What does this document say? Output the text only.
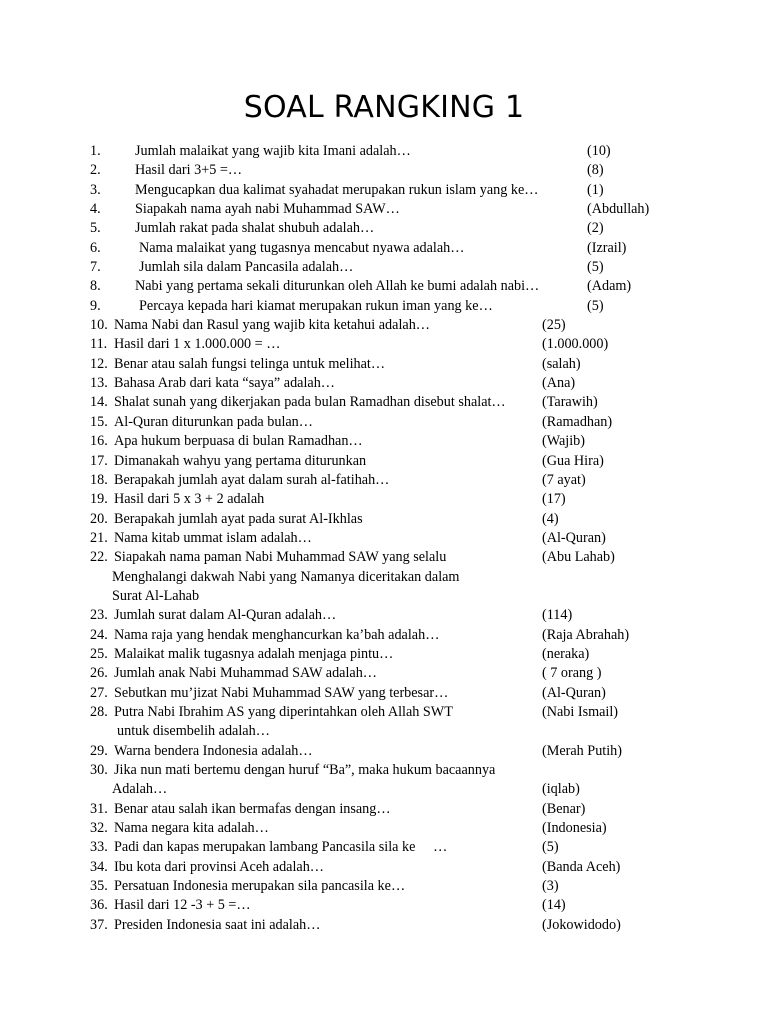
SOAL RANGKING 1
1. Jumlah malaikat yang wajib kita Imani adalah…	(10)
2. Hasil dari 3+5 =…	(8)
3. Mengucapkan dua kalimat syahadat merupakan rukun islam yang ke…	(1)
4. Siapakah nama ayah nabi Muhammad SAW…	(Abdullah)
5. Jumlah rakat pada shalat shubuh adalah…	(2)
6.	Nama malaikat yang tugasnya mencabut nyawa adalah…	(Izrail)
7.	Jumlah sila dalam Pancasila adalah…	(5)
8. Nabi yang pertama sekali diturunkan oleh Allah ke bumi adalah nabi…	(Adam)
9.	Percaya kepada hari kiamat merupakan rukun iman yang ke…	(5)
10. Nama Nabi dan Rasul yang wajib kita ketahui adalah…	(25)
11. Hasil dari 1 x 1.000.000 = …	(1.000.000)
12. Benar atau salah fungsi telinga untuk melihat…	(salah)
13. Bahasa Arab dari kata “saya” adalah…	(Ana)
14. Shalat sunah yang dikerjakan pada bulan Ramadhan disebut shalat…	(Tarawih)
15. Al-Quran diturunkan pada bulan…	(Ramadhan)
16. Apa hukum berpuasa di bulan Ramadhan…	(Wajib)
17. Dimanakah wahyu yang pertama diturunkan	(Gua Hira)
18. Berapakah jumlah ayat dalam surah al-fatihah…	(7 ayat)
19. Hasil dari 5 x 3 + 2 adalah	(17)
20. Berapakah jumlah ayat pada surat Al-Ikhlas	(4)
21. Nama kitab ummat islam adalah…	(Al-Quran)
22. Siapakah nama paman Nabi Muhammad SAW yang selalu	(Abu Lahab)
Menghalangi dakwah Nabi yang Namanya diceritakan dalam
Surat Al-Lahab
23. Jumlah surat dalam Al-Quran adalah…	(114)
24. Nama raja yang hendak menghancurkan ka’bah adalah…	(Raja Abrahah)
25. Malaikat malik tugasnya adalah menjaga pintu…	(neraka)
26. Jumlah anak Nabi Muhammad SAW adalah…	( 7 orang )
27. Sebutkan mu’jizat Nabi Muhammad SAW yang terbesar…	(Al-Quran)
28. Putra Nabi Ibrahim AS yang diperintahkan oleh Allah SWT	(Nabi Ismail)
untuk disembelih adalah…
29. Warna bendera Indonesia adalah…	(Merah Putih)
30. Jika nun mati bertemu dengan huruf “Ba”, maka hukum bacaannya
Adalah…	(iqlab)
31. Benar atau salah ikan bermafas dengan insang…	(Benar)
32. Nama negara kita adalah…	(Indonesia)
33. Padi dan kapas merupakan lambang Pancasila sila ke     …	(5)
34. Ibu kota dari provinsi Aceh adalah…	(Banda Aceh)
35. Persatuan Indonesia merupakan sila pancasila ke…	(3)
36. Hasil dari 12 -3 + 5 =…	(14)
37. Presiden Indonesia saat ini adalah…	(Jokowidodo)
